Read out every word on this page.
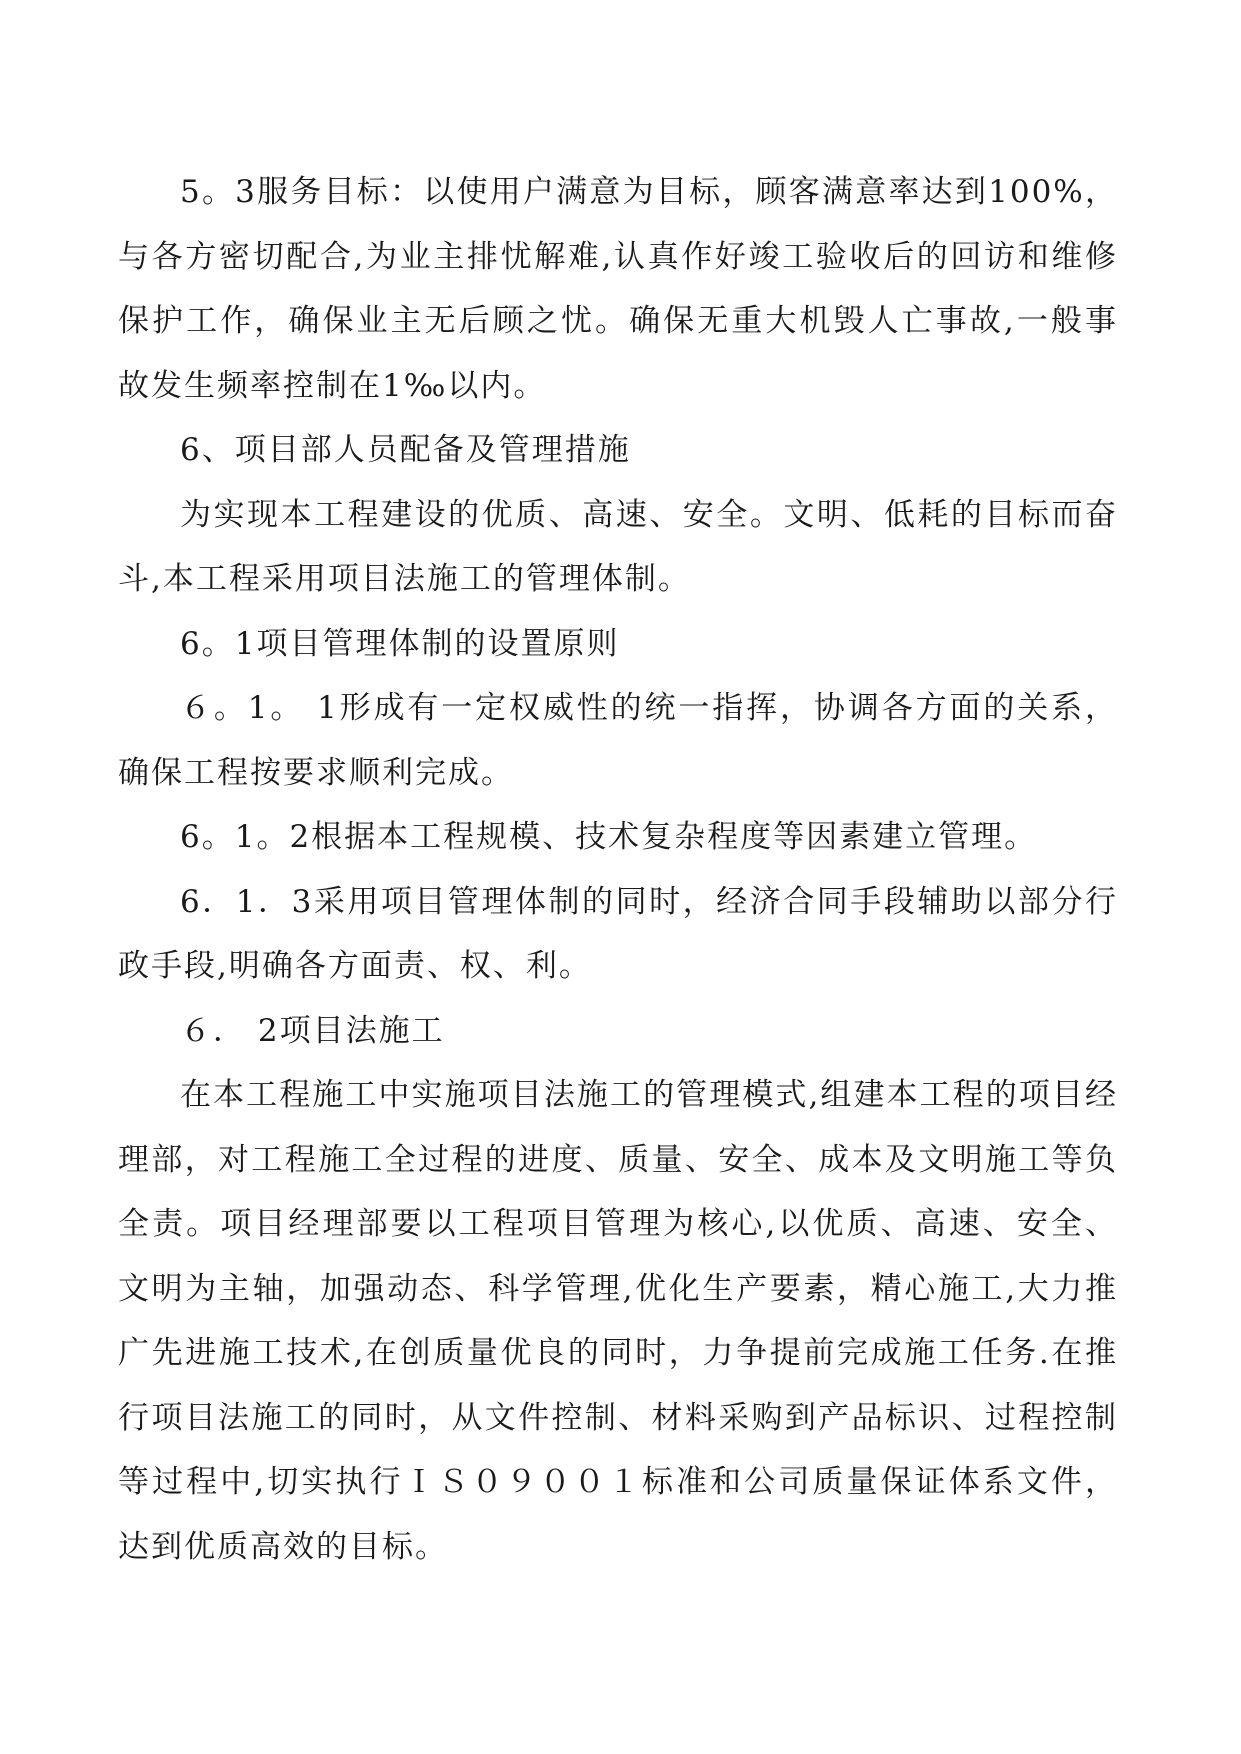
5。3服务目标：以使用户满意为目标，顾客满意率达到100%，与各方密切配合,为业主排忧解难,认真作好竣工验收后的回访和维修保护工作，确保业主无后顾之忧。确保无重大机毁人亡事故,一般事故发生频率控制在1‰以内。

6、项目部人员配备及管理措施

为实现本工程建设的优质、高速、安全。文明、低耗的目标而奋斗,本工程采用项目法施工的管理体制。

6。1项目管理体制的设置原则

６。1。 1形成有一定权威性的统一指挥，协调各方面的关系，确保工程按要求顺利完成。

6。1。2根据本工程规模、技术复杂程度等因素建立管理。

6．1．3采用项目管理体制的同时，经济合同手段辅助以部分行政手段,明确各方面责、权、利。

６． 2项目法施工

在本工程施工中实施项目法施工的管理模式,组建本工程的项目经理部，对工程施工全过程的进度、质量、安全、成本及文明施工等负全责。项目经理部要以工程项目管理为核心,以优质、高速、安全、文明为主轴，加强动态、科学管理,优化生产要素，精心施工,大力推广先进施工技术,在创质量优良的同时，力争提前完成施工任务.在推行项目法施工的同时，从文件控制、材料采购到产品标识、过程控制等过程中,切实执行ＩＳ０９００１标准和公司质量保证体系文件，达到优质高效的目标。
